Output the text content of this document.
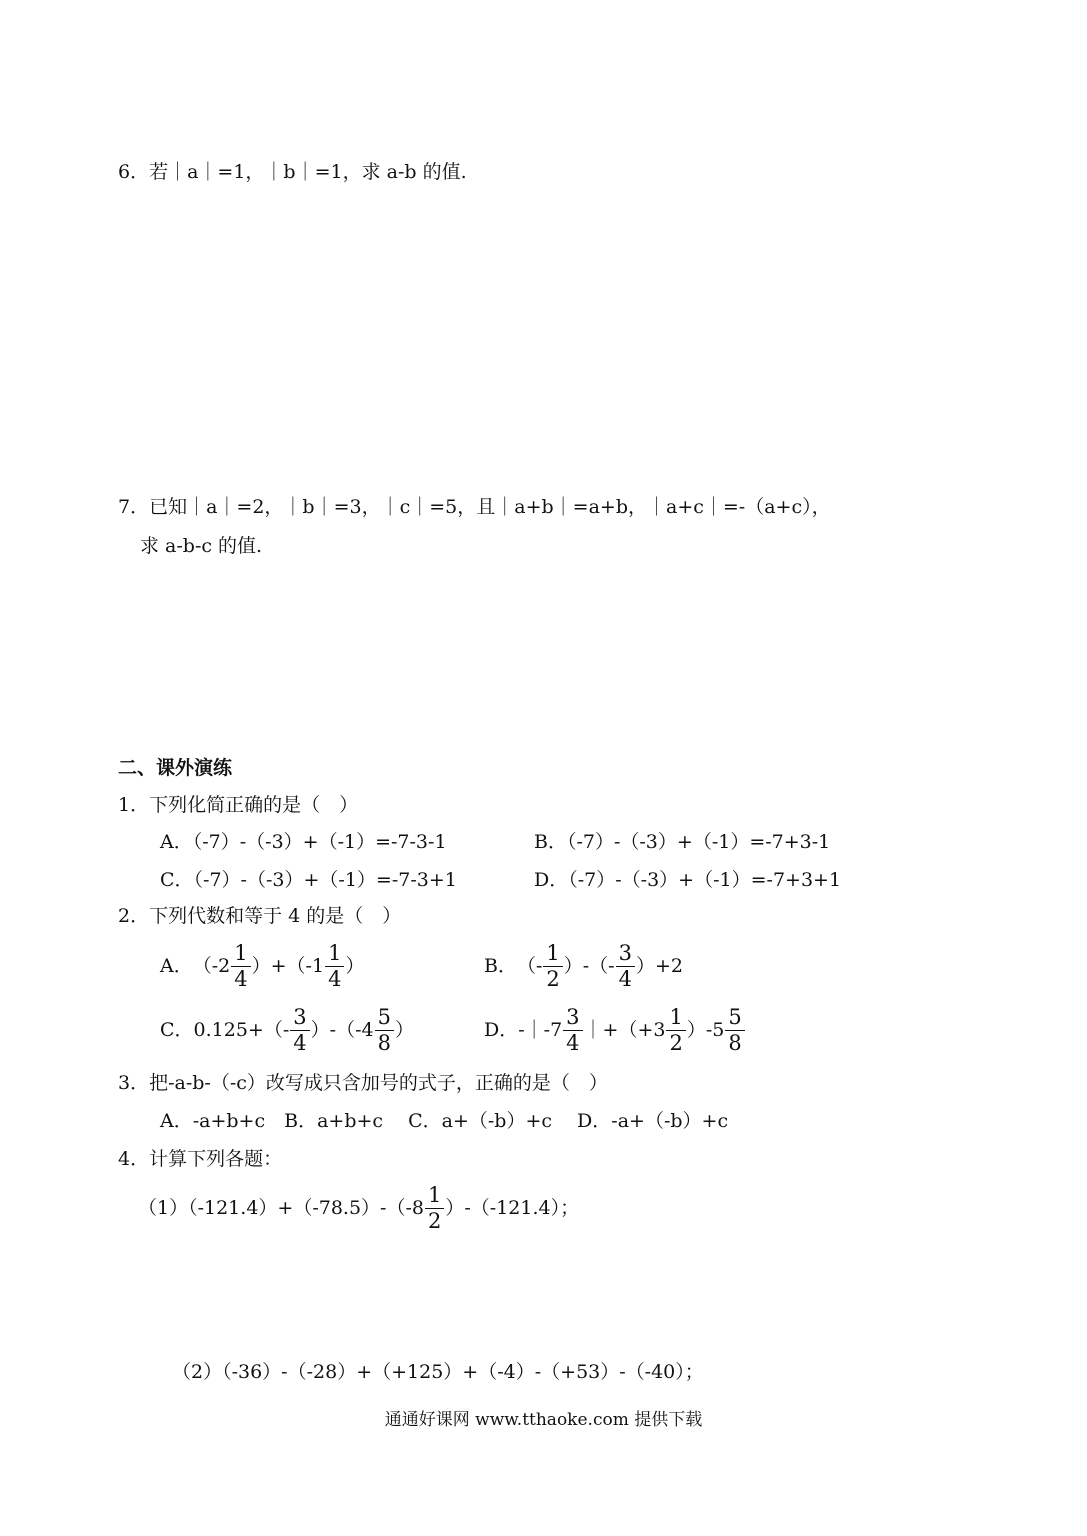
6．若｜a｜=1，｜b｜=1，求 a-b 的值.
7．已知｜a｜=2，｜b｜=3，｜c｜=5，且｜a+b｜=a+b，｜a+c｜=-（a+c），
求 a-b-c 的值.
二、课外演练
1．下列化简正确的是（　）
A．（-7）-（-3）+（-1）=-7-3-1	B．（-7）-（-3）+（-1）=-7+3-1
C．（-7）-（-3）+（-1）=-7-3+1	D．（-7）-（-3）+（-1）=-7+3+1
2．下列代数和等于 4 的是（　）
A． $(-2 \frac{1}{4} )+(-1 \frac{1}{4}$ ）	B． （- $\frac{1}{2}$ ）-（- $\frac{3}{4} )+2$
C．$0.125+(- \frac{3}{4} )-(-4 \frac{5}{8}$ ）	D．-｜-7 $\frac{3}{4}$ ｜+（+3 $\frac{1}{2} )-5 \frac{5}{8}$
3．把-a-b-（-c）改写成只含加号的式子，正确的是（　）
A．-a+b+c　B．a+b+c　 C．a+（-b）+c　 D．-a+（-b）+c
4．计算下列各题：
$(1)(-121.4)+(-78.5)-(-8 \frac{1}{2} )-(-121.4)$；
（2）（-36）-（-28）+（+125）+（-4）-（+53）-（-40）；
通通好课网 www.tthaoke.com 提供下载
